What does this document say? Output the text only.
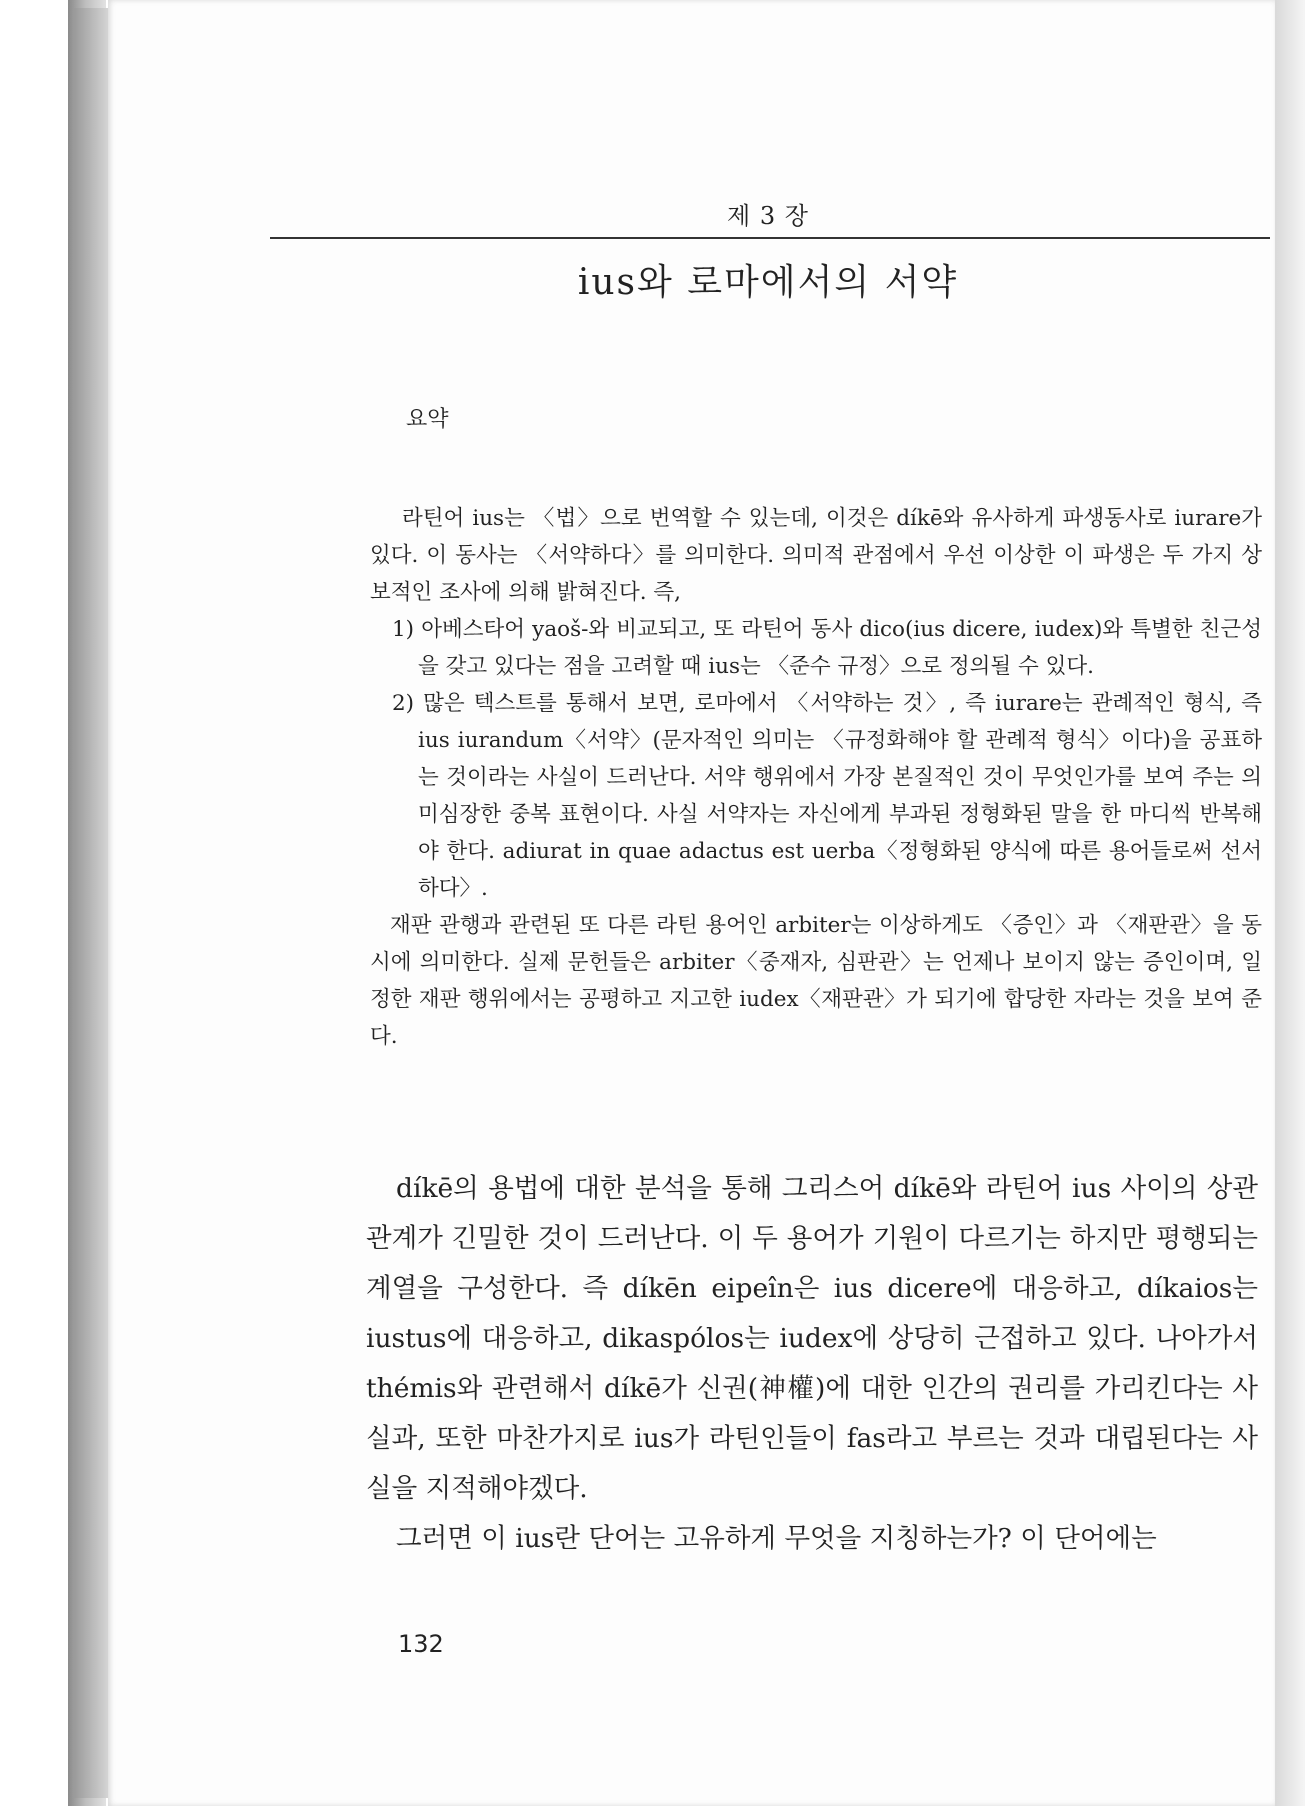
제 3 장
ius와 로마에서의 서약
요약

라틴어 ius는 〈법〉으로 번역할 수 있는데, 이것은 díkē와 유사하게 파생동사로 iurare가 있다. 이 동사는 〈서약하다〉를 의미한다. 의미적 관점에서 우선 이상한 이 파생은 두 가지 상보적인 조사에 의해 밝혀진다. 즉,

1) 아베스타어 yaoš-와 비교되고, 또 라틴어 동사 dico(ius dicere, iudex)와 특별한 친근성을 갖고 있다는 점을 고려할 때 ius는 〈준수 규정〉으로 정의될 수 있다.

2) 많은 텍스트를 통해서 보면, 로마에서 〈서약하는 것〉, 즉 iurare는 관례적인 형식, 즉 ius iurandum〈서약〉(문자적인 의미는 〈규정화해야 할 관례적 형식〉이다)을 공표하는 것이라는 사실이 드러난다. 서약 행위에서 가장 본질적인 것이 무엇인가를 보여 주는 의미심장한 중복 표현이다. 사실 서약자는 자신에게 부과된 정형화된 말을 한 마디씩 반복해야 한다. adiurat in quae adactus est uerba〈정형화된 양식에 따른 용어들로써 선서하다〉.

재판 관행과 관련된 또 다른 라틴 용어인 arbiter는 이상하게도 〈증인〉과 〈재판관〉을 동시에 의미한다. 실제 문헌들은 arbiter〈중재자, 심판관〉는 언제나 보이지 않는 증인이며, 일정한 재판 행위에서는 공평하고 지고한 iudex〈재판관〉가 되기에 합당한 자라는 것을 보여 준다.

díkē의 용법에 대한 분석을 통해 그리스어 díkē와 라틴어 ius 사이의 상관 관계가 긴밀한 것이 드러난다. 이 두 용어가 기원이 다르기는 하지만 평행되는 계열을 구성한다. 즉 díkēn eipeîn은 ius dicere에 대응하고, díkaios는 iustus에 대응하고, dikaspólos는 iudex에 상당히 근접하고 있다. 나아가서 thémis와 관련해서 díkē가 신권(神權)에 대한 인간의 권리를 가리킨다는 사실과, 또한 마찬가지로 ius가 라틴인들이 fas라고 부르는 것과 대립된다는 사실을 지적해야겠다.

그러면 이 ius란 단어는 고유하게 무엇을 지칭하는가? 이 단어에는

132
